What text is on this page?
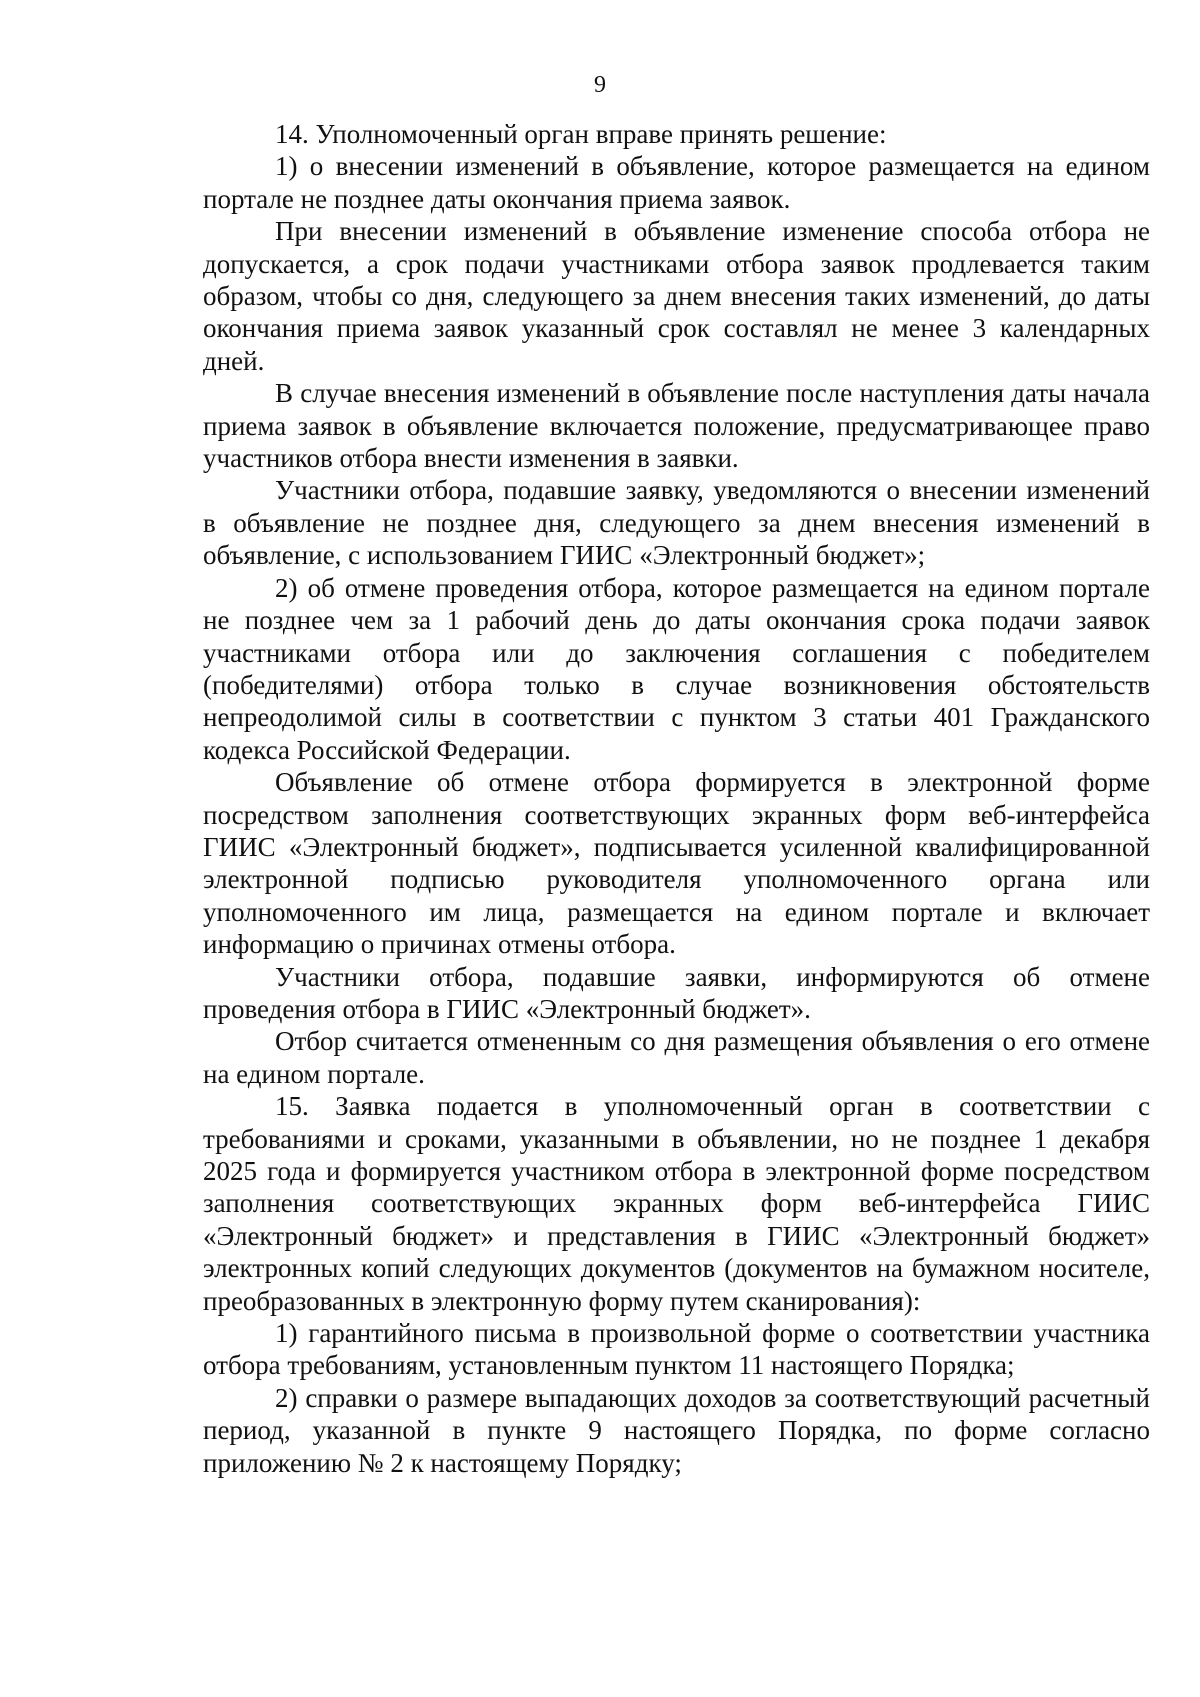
9

14. Уполномоченный орган вправе принять решение:

1) о внесении изменений в объявление, которое размещается на едином портале не позднее даты окончания приема заявок.

При внесении изменений в объявление изменение способа отбора не допускается, а срок подачи участниками отбора заявок продлевается таким образом, чтобы со дня, следующего за днем внесения таких изменений, до даты окончания приема заявок указанный срок составлял не менее 3 календарных дней.

В случае внесения изменений в объявление после наступления даты начала приема заявок в объявление включается положение, предусматривающее право участников отбора внести изменения в заявки.

Участники отбора, подавшие заявку, уведомляются о внесении изменений в объявление не позднее дня, следующего за днем внесения изменений в объявление, с использованием ГИИС «Электронный бюджет»;

2) об отмене проведения отбора, которое размещается на едином портале не позднее чем за 1 рабочий день до даты окончания срока подачи заявок участниками отбора или до заключения соглашения с победителем (победителями) отбора только в случае возникновения обстоятельств непреодолимой силы в соответствии с пунктом 3 статьи 401 Гражданского кодекса Российской Федерации.

Объявление об отмене отбора формируется в электронной форме посредством заполнения соответствующих экранных форм веб-интерфейса ГИИС «Электронный бюджет», подписывается усиленной квалифицированной электронной подписью руководителя уполномоченного органа или уполномоченного им лица, размещается на едином портале и включает информацию о причинах отмены отбора.

Участники отбора, подавшие заявки, информируются об отмене проведения отбора в ГИИС «Электронный бюджет».

Отбор считается отмененным со дня размещения объявления о его отмене на едином портале.

15. Заявка подается в уполномоченный орган в соответствии с требованиями и сроками, указанными в объявлении, но не позднее 1 декабря 2025 года и формируется участником отбора в электронной форме посредством заполнения соответствующих экранных форм веб-интерфейса ГИИС «Электронный бюджет» и представления в ГИИС «Электронный бюджет» электронных копий следующих документов (документов на бумажном носителе, преобразованных в электронную форму путем сканирования):

1) гарантийного письма в произвольной форме о соответствии участника отбора требованиям, установленным пунктом 11 настоящего Порядка;

2) справки о размере выпадающих доходов за соответствующий расчетный период, указанной в пункте 9 настоящего Порядка, по форме согласно приложению № 2 к настоящему Порядку;
